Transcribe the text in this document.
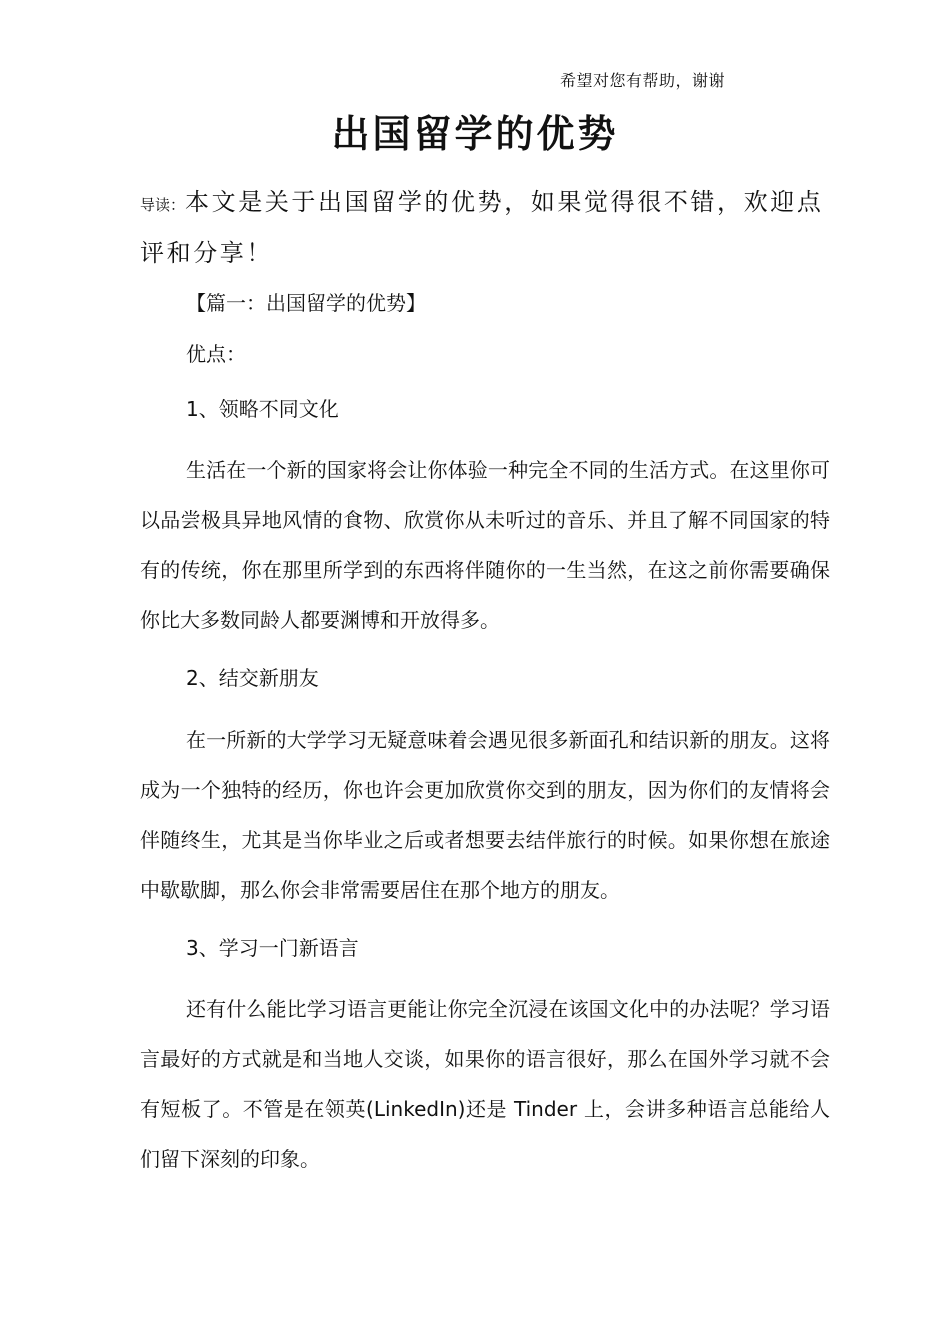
希望对您有帮助，谢谢
出国留学的优势
导读：本文是关于出国留学的优势，如果觉得很不错，欢迎点评和分享！
【篇一：出国留学的优势】
优点：
1、领略不同文化
生活在一个新的国家将会让你体验一种完全不同的生活方式。在这里你可以品尝极具异地风情的食物、欣赏你从未听过的音乐、并且了解不同国家的特有的传统，你在那里所学到的东西将伴随你的一生当然，在这之前你需要确保你比大多数同龄人都要渊博和开放得多。
2、结交新朋友
在一所新的大学学习无疑意味着会遇见很多新面孔和结识新的朋友。这将成为一个独特的经历，你也许会更加欣赏你交到的朋友，因为你们的友情将会伴随终生，尤其是当你毕业之后或者想要去结伴旅行的时候。如果你想在旅途中歇歇脚，那么你会非常需要居住在那个地方的朋友。
3、学习一门新语言
还有什么能比学习语言更能让你完全沉浸在该国文化中的办法呢？学习语言最好的方式就是和当地人交谈，如果你的语言很好，那么在国外学习就不会有短板了。不管是在领英(LinkedIn)还是 Tinder 上，会讲多种语言总能给人们留下深刻的印象。
